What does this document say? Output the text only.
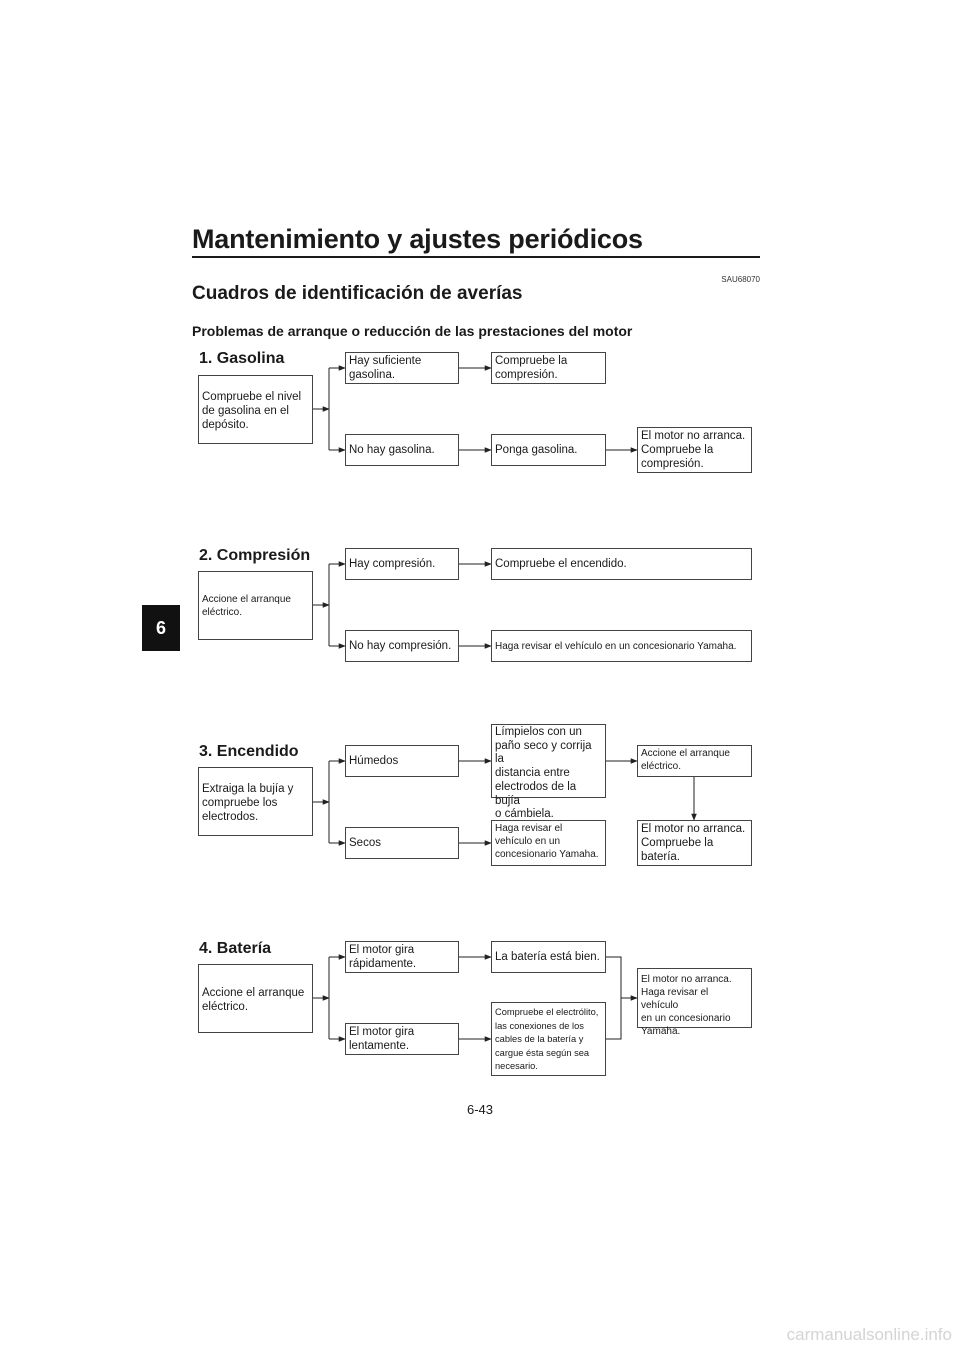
Mantenimiento y ajustes periódicos
6
SAU68070
Cuadros de identificación de averías
Problemas de arranque o reducción de las prestaciones del motor
1. Gasolina
Compruebe el nivel
de gasolina en el
depósito.
Hay suficiente
gasolina.
Compruebe la
compresión.
No hay gasolina.	Ponga gasolina.
El motor no arranca.
Compruebe la
compresión.
2. Compresión
Accione el arranque
eléctrico.
Hay compresión.	Compruebe el encendido.
No hay compresión.	Haga revisar el vehículo en un concesionario Yamaha.
3. Encendido
Extraiga la bujía y
compruebe los
electrodos.
Húmedos
Límpielos con un
paño seco y corrija la
distancia entre
electrodos de la bujía
o cámbiela.
Accione el arranque
eléctrico.
Secos
Haga revisar el
vehículo en un
concesionario Yamaha.
El motor no arranca.
Compruebe la
batería.
4. Batería
Accione el arranque
eléctrico.
El motor gira
rápidamente.
La batería está bien.
El motor gira
lentamente.
Compruebe el electrólito,
las conexiones de los
cables de la batería y
cargue ésta según sea
necesario.
El motor no arranca.
Haga revisar el vehículo
en un concesionario
Yamaha.
6-43
carmanualsonline.info
